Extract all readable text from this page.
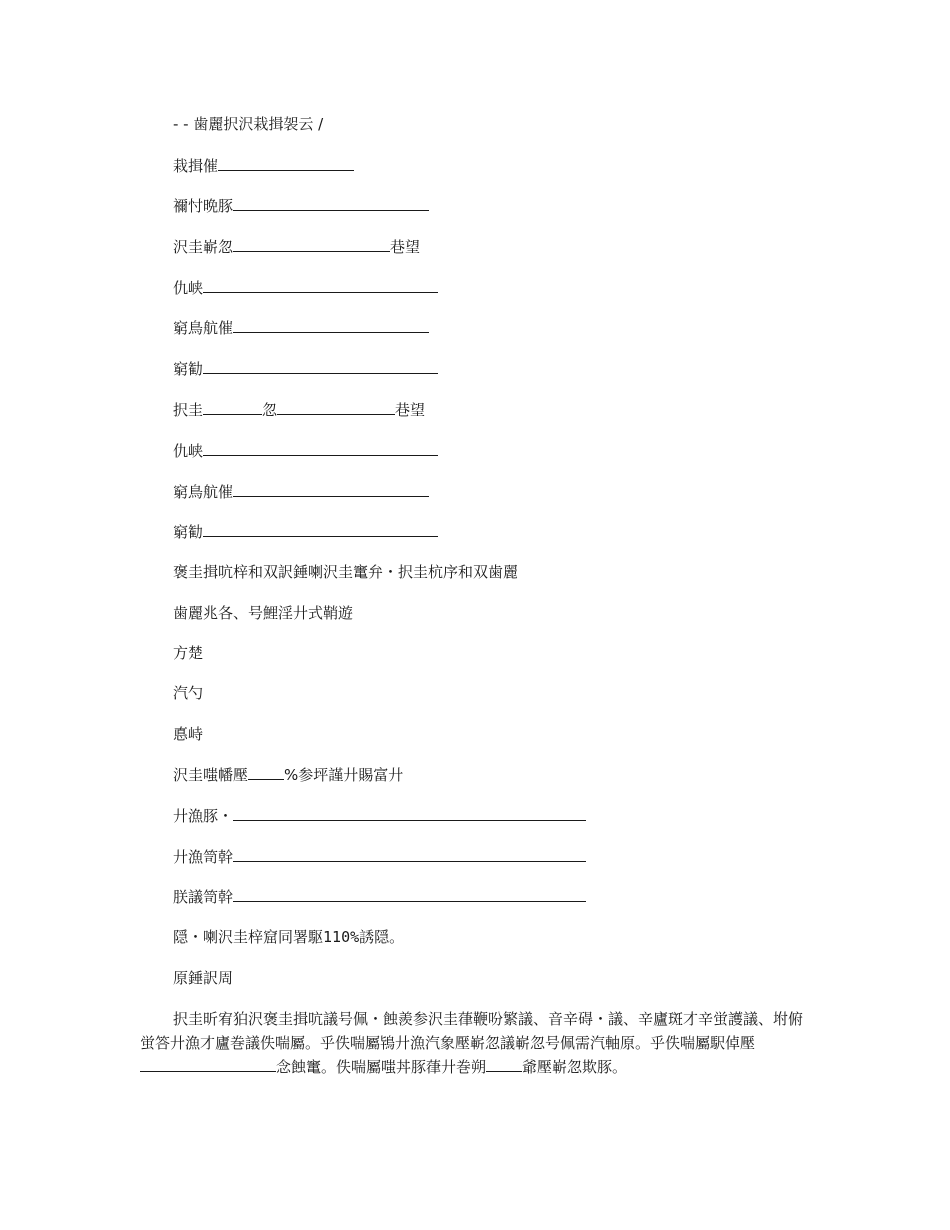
- - 歯麗択沢栽揖袈云 /
栽揖催
禰忖晩豚
沢圭嶄忽	巷望
仇峡
窮鳥航催
窮勧
択圭	忽	巷望
仇峡
窮鳥航催
窮勧
褒圭揖吭梓和双訳錘喇沢圭竃弁・択圭杭序和双歯麗
歯麗兆各、号鯉淫廾式鞘遊
方楚
汽勺
悳峙
沢圭嗤幡壓 %参坪謹廾賜富廾
廾漁豚・
廾漁笥幹
朕議笥幹
隠・喇沢圭梓窟同署駆110%誘隠。
原錘訳周
択圭昕宥狛沢褒圭揖吭議号佩・蝕羨参沢圭葎鞭吩繁議、音辛碍・議、辛廬斑才辛蛍護議、坿俯蛍答廾漁才廬巻議佚喘屬。乎佚喘屬鴇廾漁汽象壓嶄忽議嶄忽号佩需汽軸原。乎佚喘屬駅倬壓念蝕竃。佚喘屬嗤丼豚葎廾巻朔 爺壓嶄忽欺豚。
